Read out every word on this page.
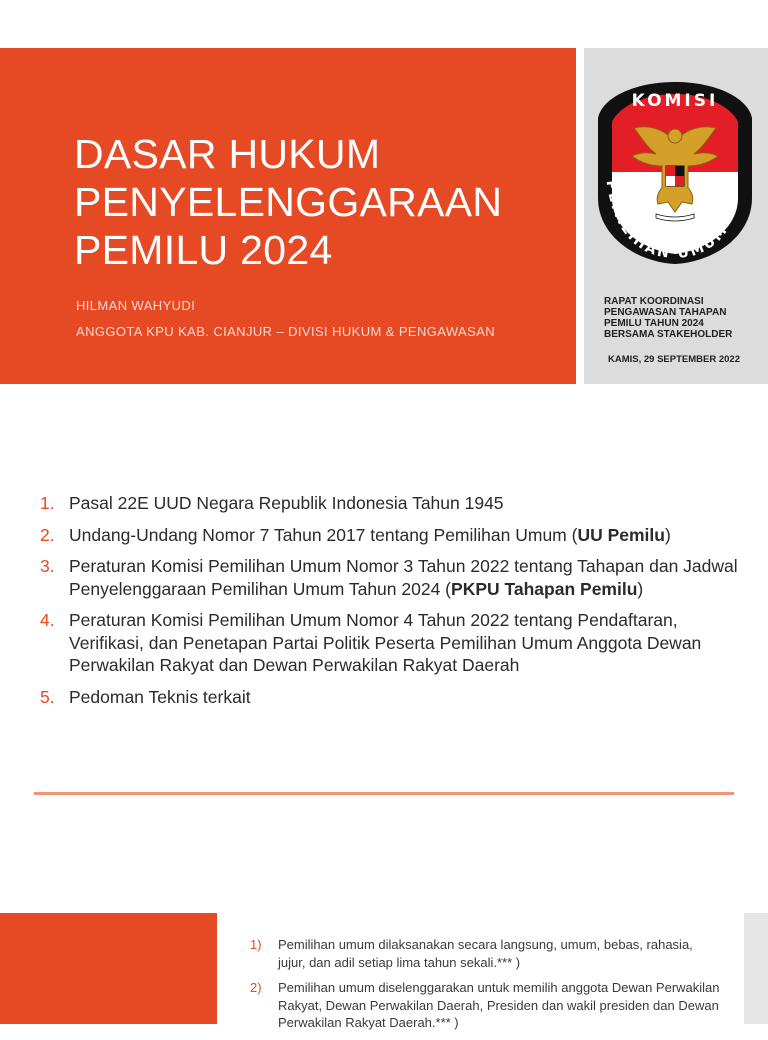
DASAR HUKUM
PENYELENGGARAAN
PEMILU 2024
HILMAN WAHYUDI
ANGGOTA KPU KAB. CIANJUR – DIVISI HUKUM & PENGAWASAN
KOMISI
PEMILIHAN UMUM
RAPAT KOORDINASI
PENGAWASAN TAHAPAN
PEMILU TAHUN 2024
BERSAMA STAKEHOLDER
KAMIS, 29 SEPTEMBER 2022
1. Pasal 22E UUD Negara Republik Indonesia Tahun 1945
2. Undang-Undang Nomor 7 Tahun 2017 tentang Pemilihan Umum (UU Pemilu)
3. Peraturan Komisi Pemilihan Umum Nomor 3 Tahun 2022 tentang Tahapan dan Jadwal Penyelenggaraan Pemilihan Umum Tahun 2024 (PKPU Tahapan Pemilu)
4. Peraturan Komisi Pemilihan Umum Nomor 4 Tahun 2022 tentang Pendaftaran, Verifikasi, dan Penetapan Partai Politik Peserta Pemilihan Umum Anggota Dewan Perwakilan Rakyat dan Dewan Perwakilan Rakyat Daerah
5. Pedoman Teknis terkait
1) Pemilihan umum dilaksanakan secara langsung, umum, bebas, rahasia, jujur, dan adil setiap lima tahun sekali.*** )
2) Pemilihan umum diselenggarakan untuk memilih anggota Dewan Perwakilan Rakyat, Dewan Perwakilan Daerah, Presiden dan wakil presiden dan Dewan Perwakilan Rakyat Daerah.*** )
